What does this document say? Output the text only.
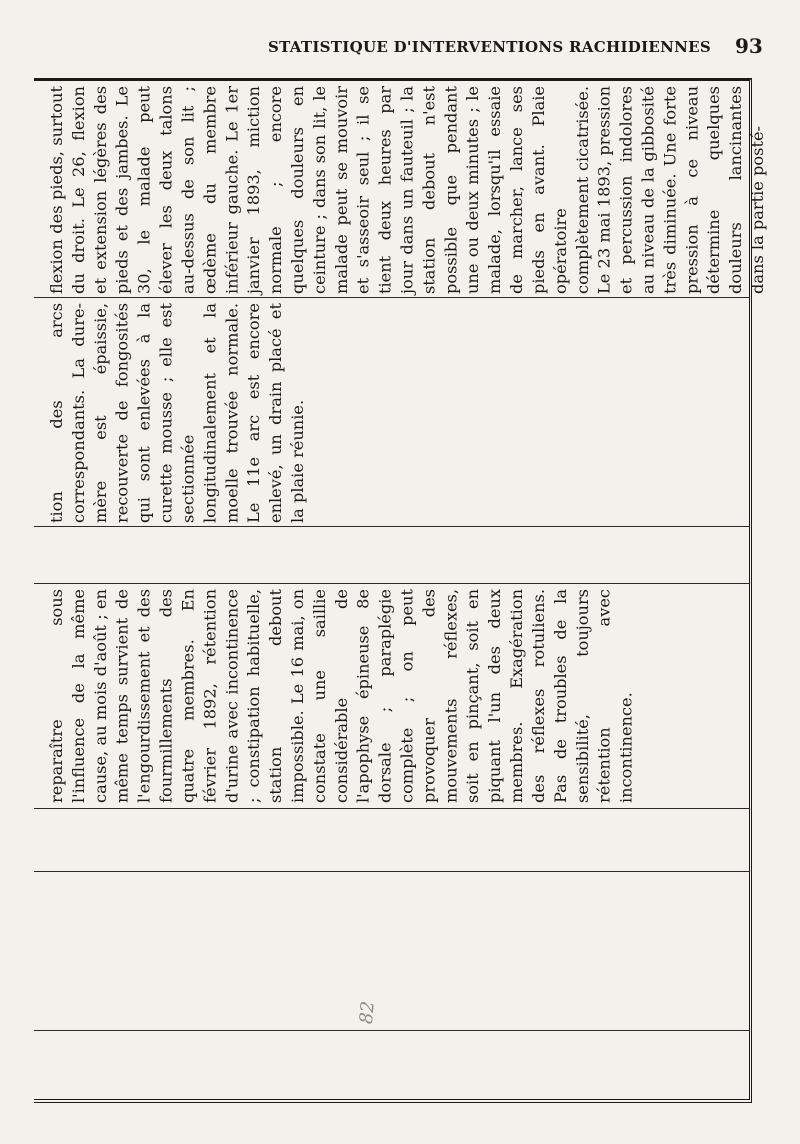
STATISTIQUE D'INTERVENTIONS RACHIDIENNES 93

flexion des pieds, surtout du droit. Le 26, flexion et extension légères des pieds et des jambes. Le 30, le malade peut élever les deux talons au-dessus de son lit ; œdème du membre inférieur gauche. Le 1er janvier 1893, miction normale ; encore quelques douleurs en ceinture ; dans son lit, le malade peut se mouvoir et s'asseoir seul ; il se tient deux heures par jour dans un fauteuil ; la station debout n'est possible que pendant une ou deux minutes ; le malade, lorsqu'il essaie de marcher, lance ses pieds en avant. Plaie opératoire complètement cicatrisée. Le 23 mai 1893, pression et percussion indolores au niveau de la gibbosité très diminuée. Une forte pression à ce niveau détermine quelques douleurs lancinantes dans la partie posté-

tion des arcs correspondants. La dure-mère est épaissie, recouverte de fongosités qui sont enlevées à la curette mousse ; elle est sectionnée longitudinalement et la moelle trouvée normale. Le 11e arc est encore enlevé, un drain placé et la plaie réunie.

reparaître sous l'influence de la même cause, au mois d'août ; en même temps survient de l'engourdissement et des fourmillements des quatre membres. En février 1892, rétention d'urine avec incontinence ; constipation habituelle, station debout impossible. Le 16 mai, on constate une saillie considérable de l'apophyse épineuse 8e dorsale ; paraplégie complète ; on peut provoquer des mouvements réflexes, soit en pinçant, soit en piquant l'un des deux membres. Exagération des réflexes rotuliens. Pas de troubles de la sensibilité, toujours rétention avec incontinence.

82
